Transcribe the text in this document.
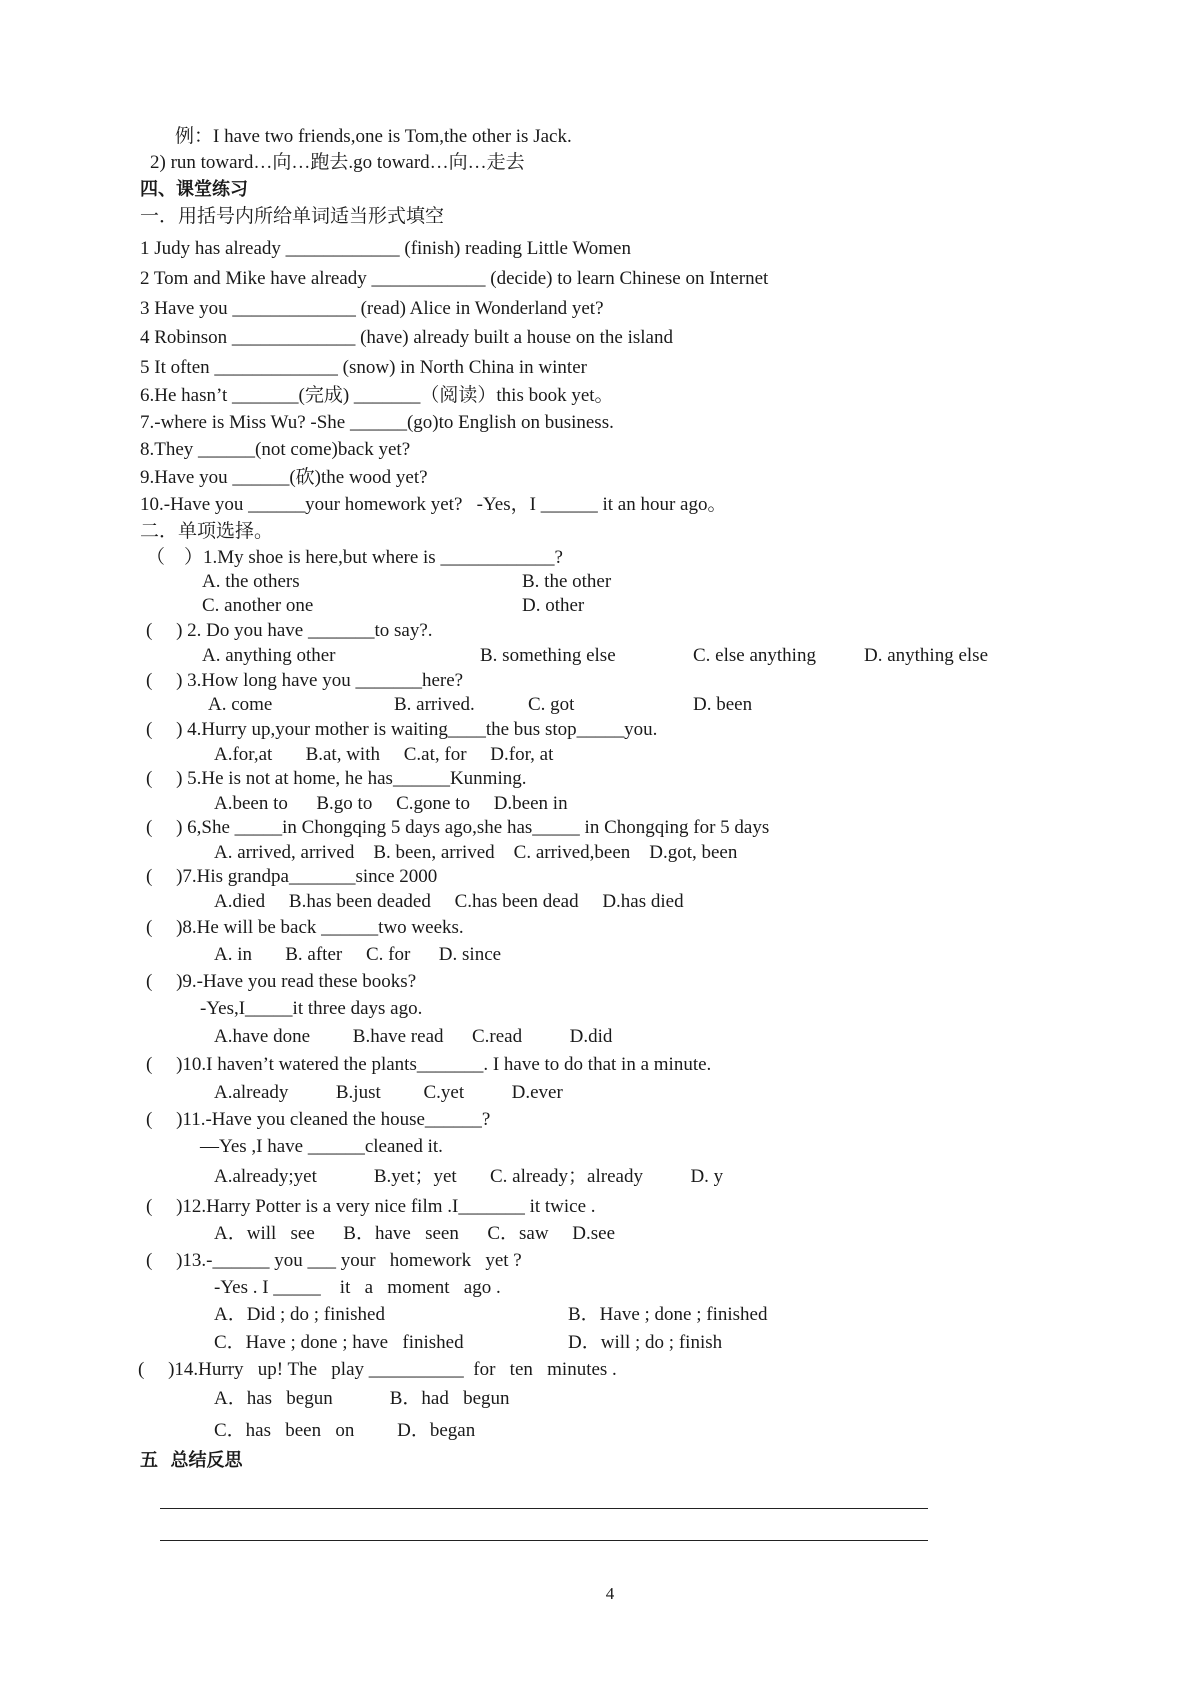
例：I have two friends,one is Tom,the other is Jack.
2) run toward…向…跑去.go toward…向…走去
四、课堂练习
一．用括号内所给单词适当形式填空
1 Judy has already ____________ (finish) reading Little Women
2 Tom and Mike have already ____________ (decide) to learn Chinese on Internet
3 Have you _____________ (read) Alice in Wonderland yet?
4 Robinson _____________ (have) already built a house on the island
5 It often _____________ (snow) in North China in winter
6.He hasn’t _______(完成) _______（阅读）this book yet。
7.-where is Miss Wu? -She ______(go)to English on business.
8.They ______(not come)back yet?
9.Have you ______(砍)the wood yet?
10.-Have you ______your homework yet?   -Yes，I ______ it an hour ago。
二．单项选择。
（    ）1.My shoe is here,but where is ____________?
A. the others	B. the other
C. another one	D. other
(     ) 2. Do you have _______to say?.
A. anything other	B. something else	C. else anything	D. anything else
(     ) 3.How long have you _______here?
A. come	B. arrived.	C. got	D. been
(     ) 4.Hurry up,your mother is waiting____the bus stop_____you.
A.for,at       B.at, with     C.at, for     D.for, at
(     ) 5.He is not at home, he has______Kunming.
A.been to      B.go to     C.gone to     D.been in
(     ) 6,She _____in Chongqing 5 days ago,she has_____ in Chongqing for 5 days
A. arrived, arrived    B. been, arrived    C. arrived,been    D.got, been
(     )7.His grandpa_______since 2000
A.died     B.has been deaded     C.has been dead     D.has died
(     )8.He will be back ______two weeks.
A. in       B. after     C. for      D. since
(     )9.-Have you read these books?
-Yes,I_____it three days ago.
A.have done         B.have read      C.read          D.did
(     )10.I haven’t watered the plants_______. I have to do that in a minute.
A.already          B.just         C.yet          D.ever
(     )11.-Have you cleaned the house______?
—Yes ,I have ______cleaned it.
A.already;yet            B.yet；yet       C. already；already          D. y
(     )12.Harry Potter is a very nice film .I_______ it twice .
A．will   see      B．have   seen      C．saw     D.see
(     )13.-______ you ___ your   homework   yet ?
-Yes . I _____    it   a   moment   ago .
A．Did ; do ; finished	B．Have ; done ; finished
C．Have ; done ; have   finished	D．will ; do ; finish
(     )14.Hurry   up! The   play __________  for   ten   minutes .
A．has   begun            B．had   begun
C．has   been   on         D．began
五  总结反思
4
